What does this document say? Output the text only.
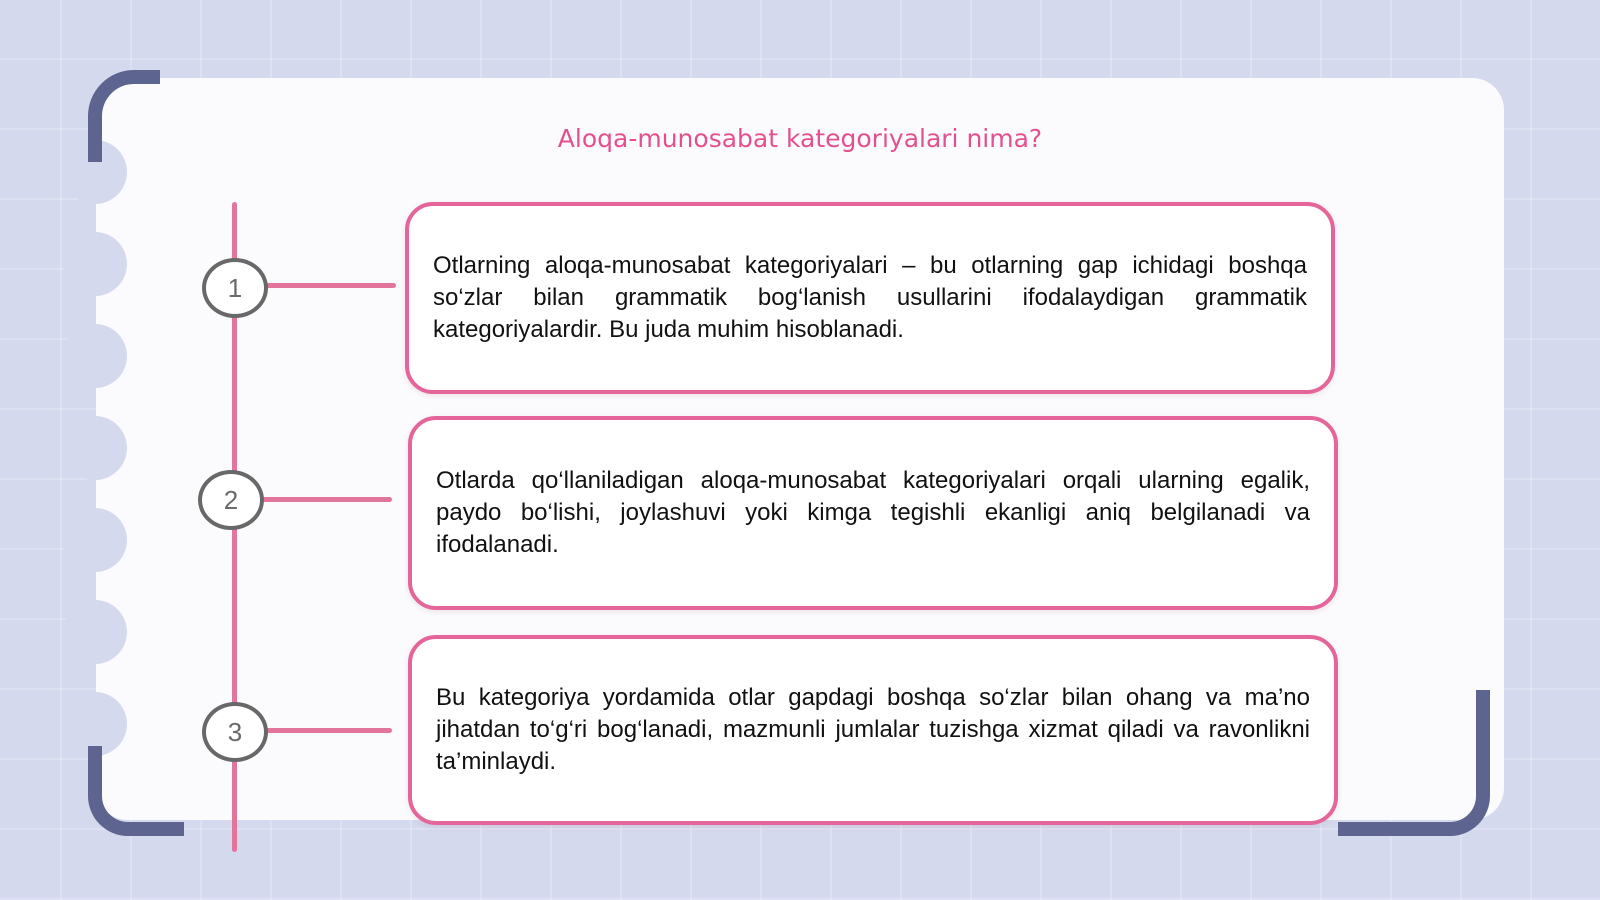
Aloqa-munosabat kategoriyalari nima?
1
2
3

Otlarning aloqa-munosabat kategoriyalari – bu otlarning gap ichidagi boshqa so‘zlar bilan grammatik bog‘lanish usullarini ifodalaydigan grammatik kategoriyalardir. Bu juda muhim hisoblanadi.

Otlarda qo‘llaniladigan aloqa-munosabat kategoriyalari orqali ularning egalik, paydo bo‘lishi, joylashuvi yoki kimga tegishli ekanligi aniq belgilanadi va ifodalanadi.

Bu kategoriya yordamida otlar gapdagi boshqa so‘zlar bilan ohang va ma’no jihatdan to‘g‘ri bog‘lanadi, mazmunli jumlalar tuzishga xizmat qiladi va ravonlikni ta’minlaydi.
